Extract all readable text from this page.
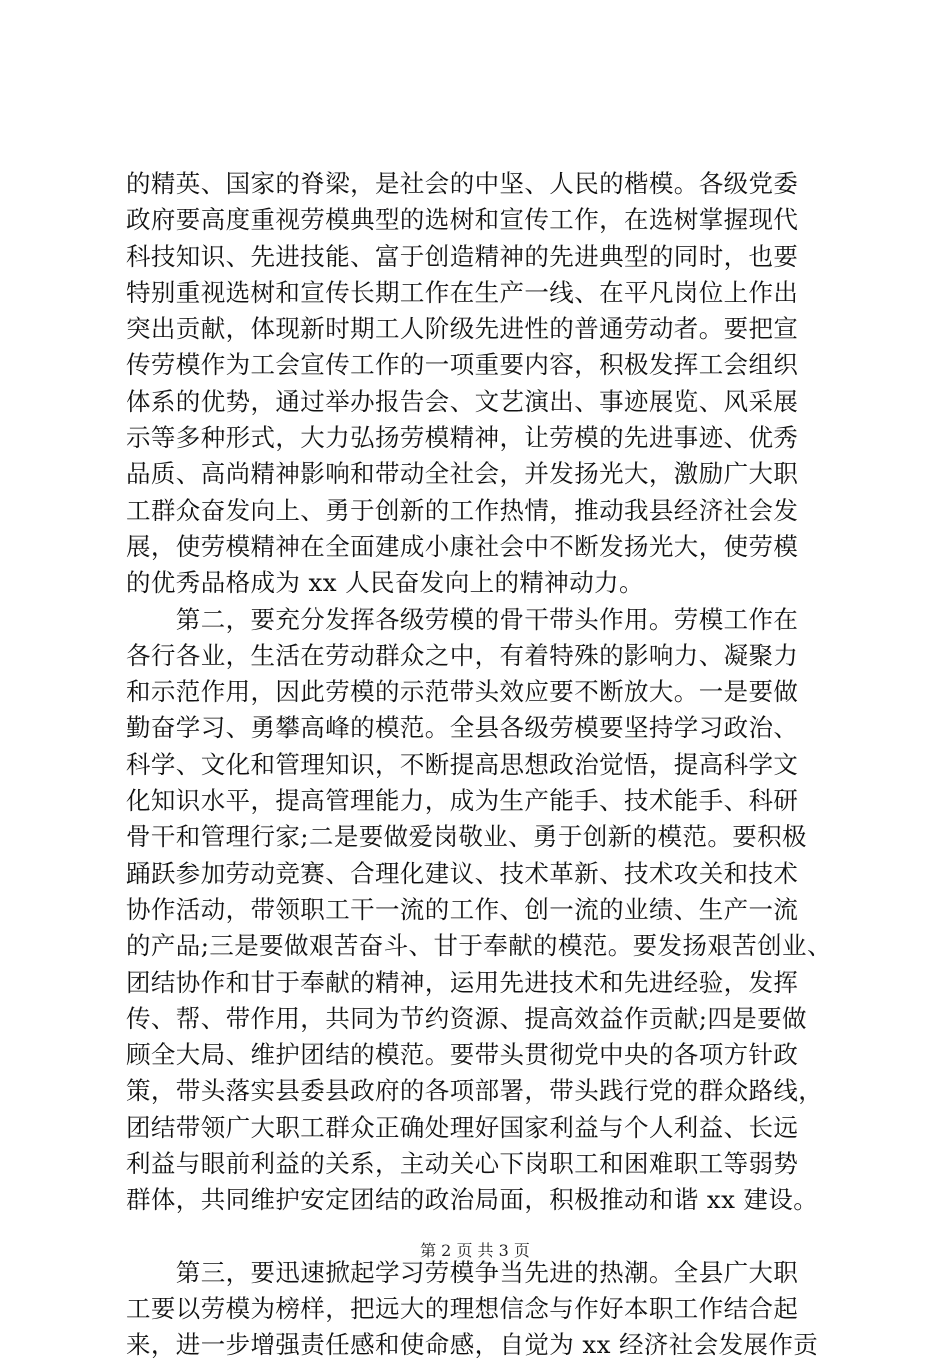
的精英、国家的脊梁，是社会的中坚、人民的楷模。各级党委
政府要高度重视劳模典型的选树和宣传工作，在选树掌握现代
科技知识、先进技能、富于创造精神的先进典型的同时，也要
特别重视选树和宣传长期工作在生产一线、在平凡岗位上作出
突出贡献，体现新时期工人阶级先进性的普通劳动者。要把宣
传劳模作为工会宣传工作的一项重要内容，积极发挥工会组织
体系的优势，通过举办报告会、文艺演出、事迹展览、风采展
示等多种形式，大力弘扬劳模精神，让劳模的先进事迹、优秀
品质、高尚精神影响和带动全社会，并发扬光大，激励广大职
工群众奋发向上、勇于创新的工作热情，推动我县经济社会发
展，使劳模精神在全面建成小康社会中不断发扬光大，使劳模
的优秀品格成为 xx 人民奋发向上的精神动力。
　　第二，要充分发挥各级劳模的骨干带头作用。劳模工作在
各行各业，生活在劳动群众之中，有着特殊的影响力、凝聚力
和示范作用，因此劳模的示范带头效应要不断放大。一是要做
勤奋学习、勇攀高峰的模范。全县各级劳模要坚持学习政治、
科学、文化和管理知识，不断提高思想政治觉悟，提高科学文
化知识水平，提高管理能力，成为生产能手、技术能手、科研
骨干和管理行家;二是要做爱岗敬业、勇于创新的模范。要积极
踊跃参加劳动竞赛、合理化建议、技术革新、技术攻关和技术
协作活动，带领职工干一流的工作、创一流的业绩、生产一流
的产品;三是要做艰苦奋斗、甘于奉献的模范。要发扬艰苦创业、
团结协作和甘于奉献的精神，运用先进技术和先进经验，发挥
传、帮、带作用，共同为节约资源、提高效益作贡献;四是要做
顾全大局、维护团结的模范。要带头贯彻党中央的各项方针政
策，带头落实县委县政府的各项部署，带头践行党的群众路线，
团结带领广大职工群众正确处理好国家利益与个人利益、长远
利益与眼前利益的关系，主动关心下岗职工和困难职工等弱势
群体，共同维护安定团结的政治局面，积极推动和谐 xx 建设。
　　第三，要迅速掀起学习劳模争当先进的热潮。全县广大职
工要以劳模为榜样，把远大的理想信念与作好本职工作结合起
来，进一步增强责任感和使命感，自觉为 xx 经济社会发展作贡
第 2 页 共 3 页
